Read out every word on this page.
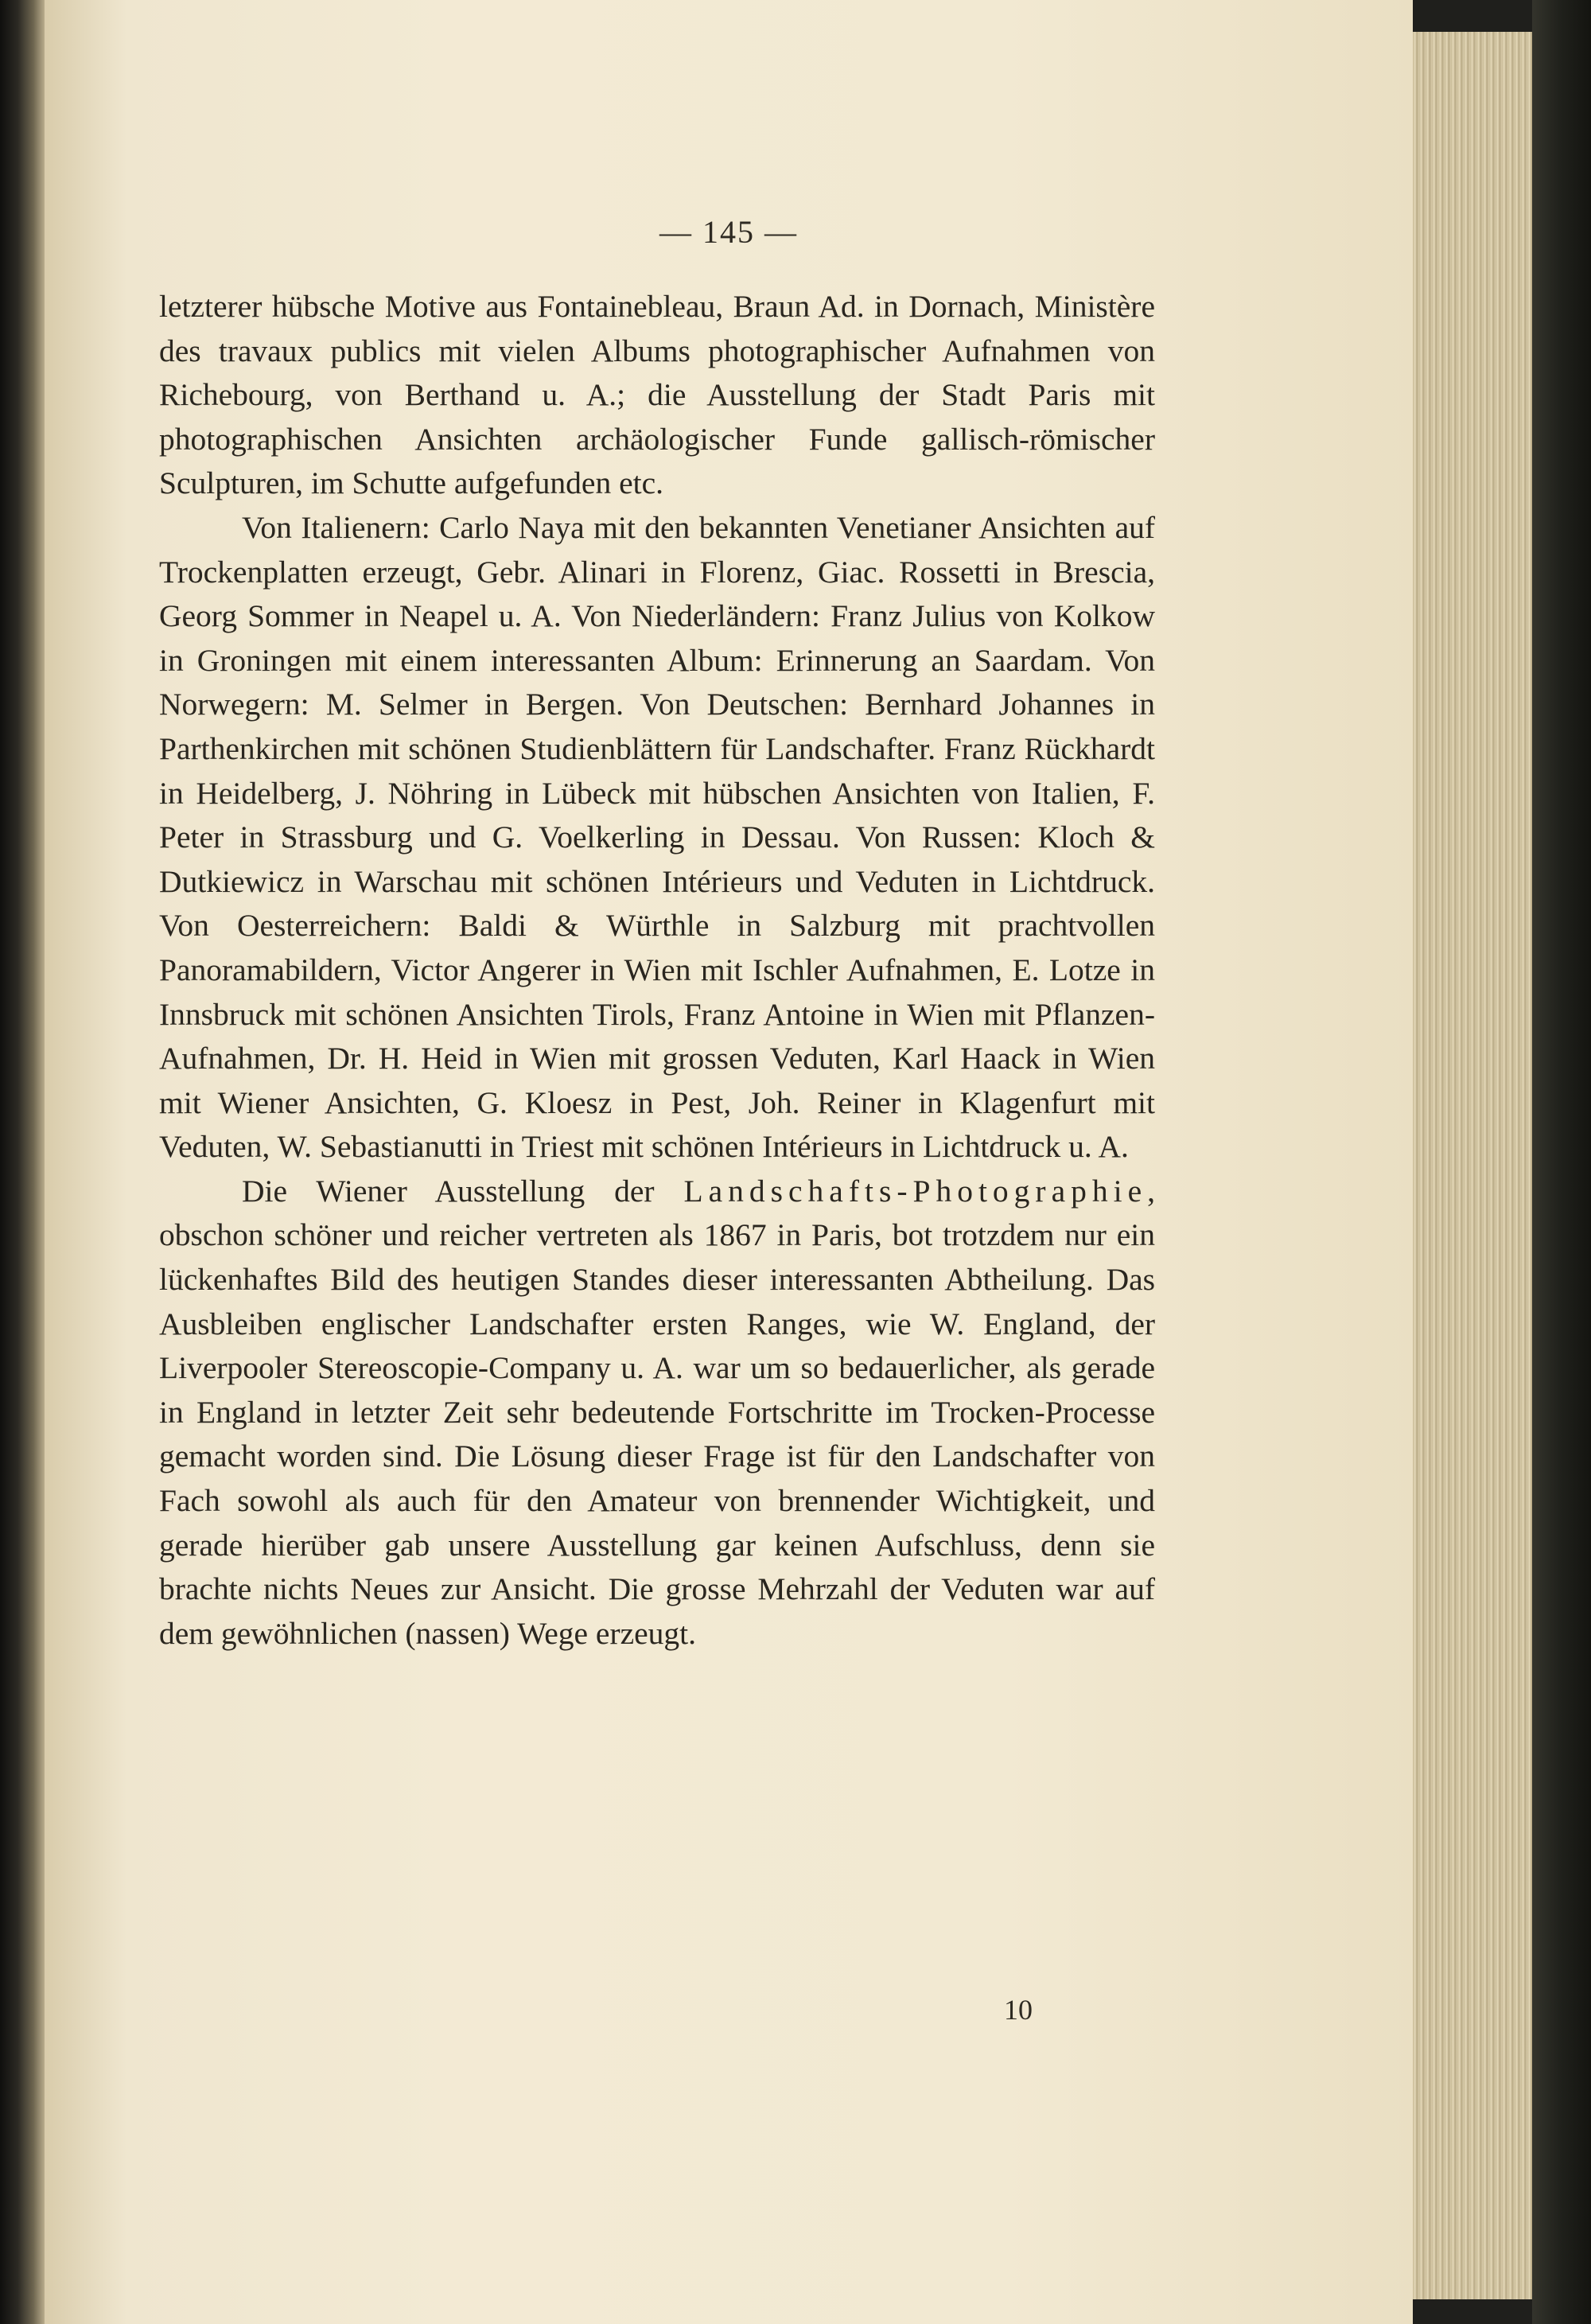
— 145 —

letzterer hübsche Motive aus Fontainebleau, Braun Ad. in Dornach, Ministère des travaux publics mit vielen Albums photographischer Aufnahmen von Richebourg, von Berthand u. A.; die Ausstellung der Stadt Paris mit photographischen Ansichten archäologischer Funde gallisch-römischer Sculpturen, im Schutte aufgefunden etc.

Von Italienern: Carlo Naya mit den bekannten Venetianer Ansichten auf Trockenplatten erzeugt, Gebr. Alinari in Florenz, Giac. Rossetti in Brescia, Georg Sommer in Neapel u. A. Von Niederländern: Franz Julius von Kolkow in Groningen mit einem interessanten Album: Erinnerung an Saardam. Von Norwegern: M. Selmer in Bergen. Von Deutschen: Bernhard Johannes in Parthenkirchen mit schönen Studienblättern für Landschafter. Franz Rückhardt in Heidelberg, J. Nöhring in Lübeck mit hübschen Ansichten von Italien, F. Peter in Strassburg und G. Voelkerling in Dessau. Von Russen: Kloch & Dutkiewicz in Warschau mit schönen Intérieurs und Veduten in Lichtdruck. Von Oesterreichern: Baldi & Würthle in Salzburg mit prachtvollen Panoramabildern, Victor Angerer in Wien mit Ischler Aufnahmen, E. Lotze in Innsbruck mit schönen Ansichten Tirols, Franz Antoine in Wien mit Pflanzen-Aufnahmen, Dr. H. Heid in Wien mit grossen Veduten, Karl Haack in Wien mit Wiener Ansichten, G. Kloesz in Pest, Joh. Reiner in Klagenfurt mit Veduten, W. Sebastianutti in Triest mit schönen Intérieurs in Lichtdruck u. A.

Die Wiener Ausstellung der Landschafts-Photographie, obschon schöner und reicher vertreten als 1867 in Paris, bot trotzdem nur ein lückenhaftes Bild des heutigen Standes dieser interessanten Abtheilung. Das Ausbleiben englischer Landschafter ersten Ranges, wie W. England, der Liverpooler Stereoscopie-Company u. A. war um so bedauerlicher, als gerade in England in letzter Zeit sehr bedeutende Fortschritte im Trocken-Processe gemacht worden sind. Die Lösung dieser Frage ist für den Landschafter von Fach sowohl als auch für den Amateur von brennender Wichtigkeit, und gerade hierüber gab unsere Ausstellung gar keinen Aufschluss, denn sie brachte nichts Neues zur Ansicht. Die grosse Mehrzahl der Veduten war auf dem gewöhnlichen (nassen) Wege erzeugt.

10
